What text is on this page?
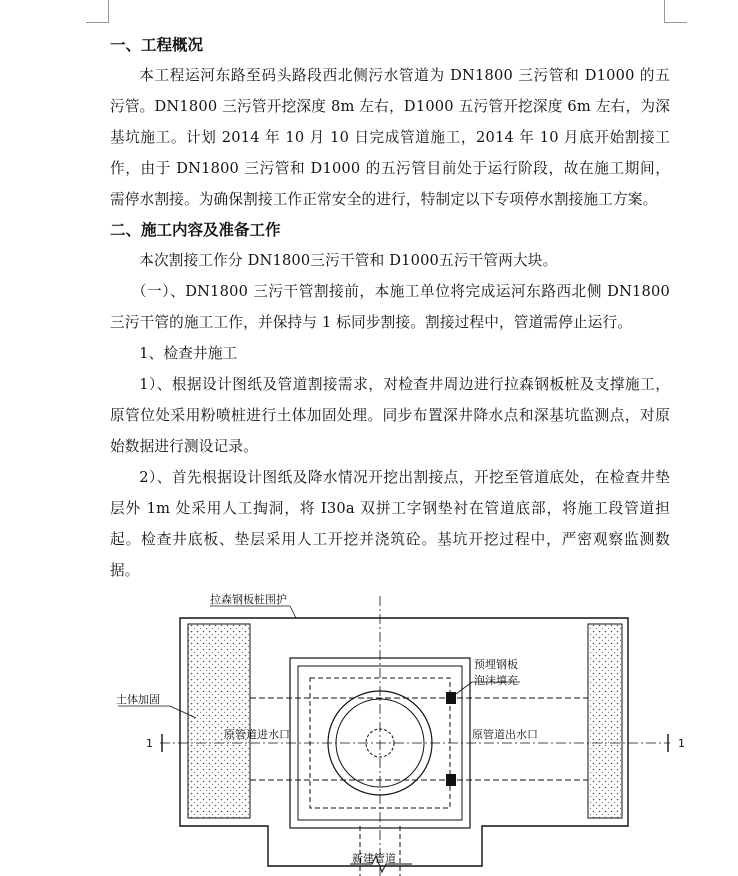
一、工程概况

本工程运河东路至码头路段西北侧污水管道为 DN1800 三污管和 D1000 的五污管。DN1800 三污管开挖深度 8m 左右，D1000 五污管开挖深度 6m 左右，为深基坑施工。计划 2014 年 10 月 10 日完成管道施工，2014 年 10 月底开始割接工作，由于 DN1800 三污管和 D1000 的五污管目前处于运行阶段，故在施工期间，需停水割接。为确保割接工作正常安全的进行，特制定以下专项停水割接施工方案。

二、施工内容及准备工作

本次割接工作分 DN1800三污干管和 D1000五污干管两大块。

（一）、DN1800 三污干管割接前，本施工单位将完成运河东路西北侧 DN1800 三污干管的施工工作，并保持与 1 标同步割接。割接过程中，管道需停止运行。

1、检查井施工

1）、根据设计图纸及管道割接需求，对检查井周边进行拉森钢板桩及支撑施工，原管位处采用粉喷桩进行土体加固处理。同步布置深井降水点和深基坑监测点，对原始数据进行测设记录。

2）、首先根据设计图纸及降水情况开挖出割接点，开挖至管道底处，在检查井垫层外 1m 处采用人工掏洞，将 I30a 双拼工字钢垫衬在管道底部，将施工段管道担起。检查井底板、垫层采用人工开挖并浇筑砼。基坑开挖过程中，严密观察监测数据。

拉森钢板桩围护
土体加固
预埋钢板
泡沫填充
原管道进水口	原管道出水口
新建管道
1	1
